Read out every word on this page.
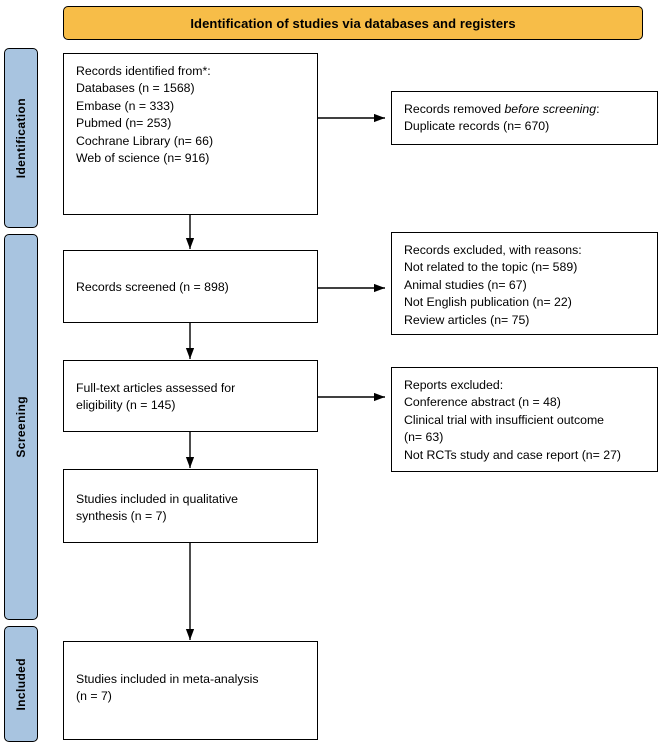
Identification of studies via databases and registers
Identification
Screening
Included
Records identified from*:
Databases (n = 1568)
Embase (n = 333)
Pubmed (n= 253)
Cochrane Library (n= 66)
Web of science (n= 916)
Records screened (n = 898)
Full-text articles assessed for
eligibility (n = 145)
Studies included in qualitative
synthesis (n = 7)
Studies included in meta-analysis
(n = 7)
Records removed before screening:
Duplicate records (n= 670)
Records excluded, with reasons:
Not related to the topic (n= 589)
Animal studies (n= 67)
Not English publication (n= 22)
Review articles (n= 75)
Reports excluded:
Conference abstract (n = 48)
Clinical trial with insufficient outcome
(n= 63)
Not RCTs study and case report (n= 27)
